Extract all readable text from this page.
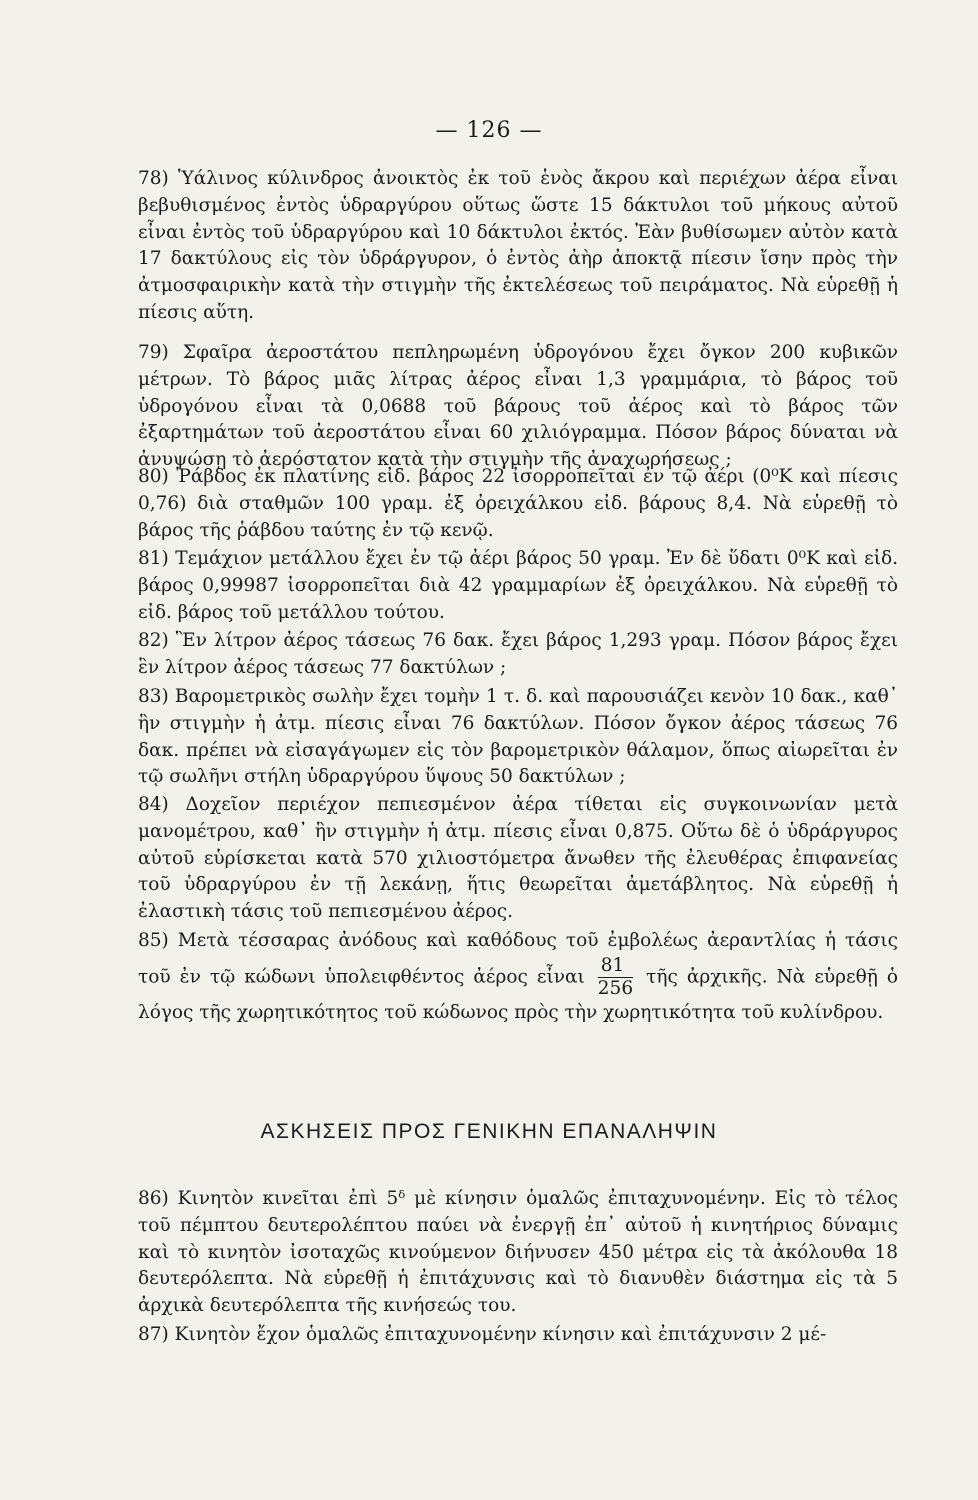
— 126 —

78) Ὑάλινος κύλινδρος ἀνοικτὸς ἐκ τοῦ ἑνὸς ἄκρου καὶ περιέχων ἀέρα εἶναι βεβυθισμένος ἐντὸς ὑδραργύρου οὕτως ὥστε 15 δάκτυλοι τοῦ μήκους αὐτοῦ εἶναι ἐντὸς τοῦ ὑδραργύρου καὶ 10 δάκτυλοι ἐκτός. Ἐὰν βυθίσωμεν αὐτὸν κατὰ 17 δακτύλους εἰς τὸν ὑδράργυρον, ὁ ἐντὸς ἀὴρ ἀποκτᾷ πίεσιν ἴσην πρὸς τὴν ἀτμοσφαιρικὴν κατὰ τὴν στιγμὴν τῆς ἐκτελέσεως τοῦ πειράματος. Νὰ εὑρεθῇ ἡ πίεσις αὕτη.

79) Σφαῖρα ἀεροστάτου πεπληρωμένη ὑδρογόνου ἔχει ὄγκον 200 κυβικῶν μέτρων. Τὸ βάρος μιᾶς λίτρας ἀέρος εἶναι 1,3 γραμμάρια, τὸ βάρος τοῦ ὑδρογόνου εἶναι τὰ 0,0688 τοῦ βάρους τοῦ ἀέρος καὶ τὸ βάρος τῶν ἐξαρτημάτων τοῦ ἀεροστάτου εἶναι 60 χιλιόγραμμα. Πόσον βάρος δύναται νὰ ἀνυψώσῃ τὸ ἀερόστατον κατὰ τὴν στιγμὴν τῆς ἀναχωρήσεως ;

80) Ῥάβδος ἐκ πλατίνης εἰδ. βάρος 22 ἰσορροπεῖται ἐν τῷ ἀέρι (0⁰K καὶ πίεσις 0,76) διὰ σταθμῶν 100 γραμ. ἐξ ὀρειχάλκου εἰδ. βάρους 8,4. Νὰ εὑρεθῇ τὸ βάρος τῆς ῥάβδου ταύτης ἐν τῷ κενῷ.

81) Τεμάχιον μετάλλου ἔχει ἐν τῷ ἀέρι βάρος 50 γραμ. Ἐν δὲ ὕδατι 0⁰K καὶ εἰδ. βάρος 0,99987 ἰσορροπεῖται διὰ 42 γραμμαρίων ἐξ ὀρειχάλκου. Νὰ εὑρεθῇ τὸ εἰδ. βάρος τοῦ μετάλλου τούτου.

82) Ἓν λίτρον ἀέρος τάσεως 76 δακ. ἔχει βάρος 1,293 γραμ. Πόσον βάρος ἔχει ἓν λίτρον ἀέρος τάσεως 77 δακτύλων ;

83) Βαρομετρικὸς σωλὴν ἔχει τομὴν 1 τ. δ. καὶ παρουσιάζει κενὸν 10 δακ., καθ᾽ ἣν στιγμὴν ἡ ἀτμ. πίεσις εἶναι 76 δακτύλων. Πόσον ὄγκον ἀέρος τάσεως 76 δακ. πρέπει νὰ εἰσαγάγωμεν εἰς τὸν βαρομετρικὸν θάλαμον, ὅπως αἰωρεῖται ἐν τῷ σωλῆνι στήλη ὑδραργύρου ὕψους 50 δακτύλων ;

84) Δοχεῖον περιέχον πεπιεσμένον ἀέρα τίθεται εἰς συγκοινωνίαν μετὰ μανομέτρου, καθ᾽ ἣν στιγμὴν ἡ ἀτμ. πίεσις εἶναι 0,875. Οὕτω δὲ ὁ ὑδράργυρος αὐτοῦ εὑρίσκεται κατὰ 570 χιλιοστόμετρα ἄνωθεν τῆς ἐλευθέρας ἐπιφανείας τοῦ ὑδραργύρου ἐν τῇ λεκάνῃ, ἥτις θεωρεῖται ἀμετάβλητος. Νὰ εὑρεθῇ ἡ ἐλαστικὴ τάσις τοῦ πεπιεσμένου ἀέρος.

85) Μετὰ τέσσαρας ἀνόδους καὶ καθόδους τοῦ ἐμβολέως ἀεραντλίας ἡ τάσις τοῦ ἐν τῷ κώδωνι ὑπολειφθέντος ἀέρος εἶναι $\frac{81}{256}$ τῆς ἀρχικῆς. Νὰ εὑρεθῇ ὁ λόγος τῆς χωρητικότητος τοῦ κώδωνος πρὸς τὴν χωρητικότητα τοῦ κυλίνδρου.

ΑΣΚΗΣΕΙΣ ΠΡΟΣ ΓΕΝΙΚΗΝ ΕΠΑΝΑΛΗΨΙΝ

86) Κινητὸν κινεῖται ἐπὶ 5ᵟ μὲ κίνησιν ὁμαλῶς ἐπιταχυνομένην. Εἰς τὸ τέλος τοῦ πέμπτου δευτερολέπτου παύει νὰ ἐνεργῇ ἐπ᾽ αὐτοῦ ἡ κινητήριος δύναμις καὶ τὸ κινητὸν ἰσοταχῶς κινούμενον διήνυσεν 450 μέτρα εἰς τὰ ἀκόλουθα 18 δευτερόλεπτα. Νὰ εὑρεθῇ ἡ ἐπιτάχυνσις καὶ τὸ διανυθὲν διάστημα εἰς τὰ 5 ἀρχικὰ δευτερόλεπτα τῆς κινήσεώς του.

87) Κινητὸν ἔχον ὁμαλῶς ἐπιταχυνομένην κίνησιν καὶ ἐπιτάχυνσιν 2 μέ-
